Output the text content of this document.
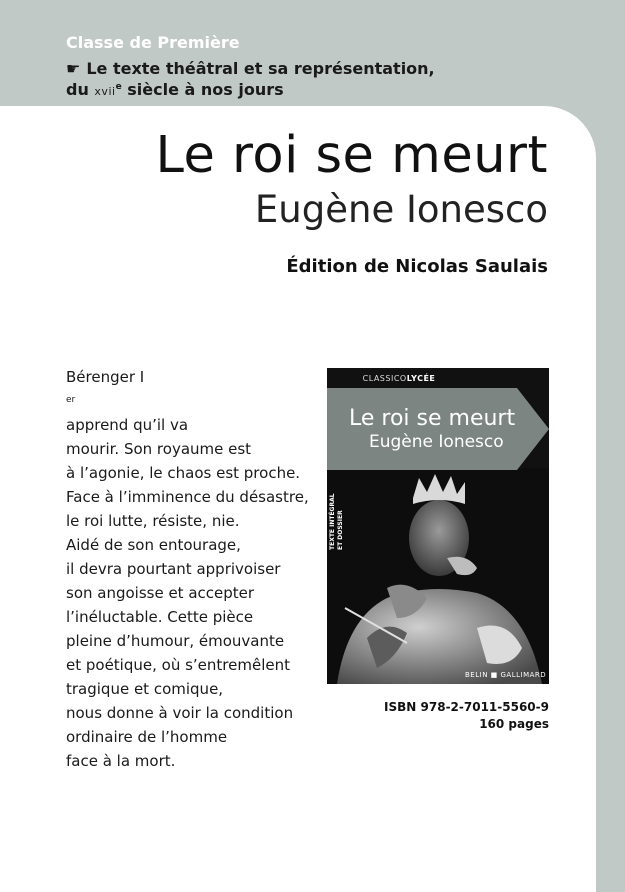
Classe de Première
☛ Le texte théâtral et sa représentation,
du xvii$^e$ siècle à nos jours
Le roi se meurt
Eugène Ionesco
Édition de Nicolas Saulais
Bérenger I
$^{er}$
apprend qu’il va
mourir. Son royaume est
à l’agonie, le chaos est proche.
Face à l’imminence du désastre,
le roi lutte, résiste, nie.
Aidé de son entourage,
il devra pourtant apprivoiser
son angoisse et accepter
l’inéluctable. Cette pièce
pleine d’humour, émouvante
et poétique, où s’entremêlent
tragique et comique,
nous donne à voir la condition
ordinaire de l’homme
face à la mort.
CLASSICOLYCÉE
Le roi se meurt
Eugène Ionesco
TEXTE INTÉGRAL ET DOSSIER
BELIN ■ GALLIMARD
ISBN 978-2-7011-5560-9
160 pages
